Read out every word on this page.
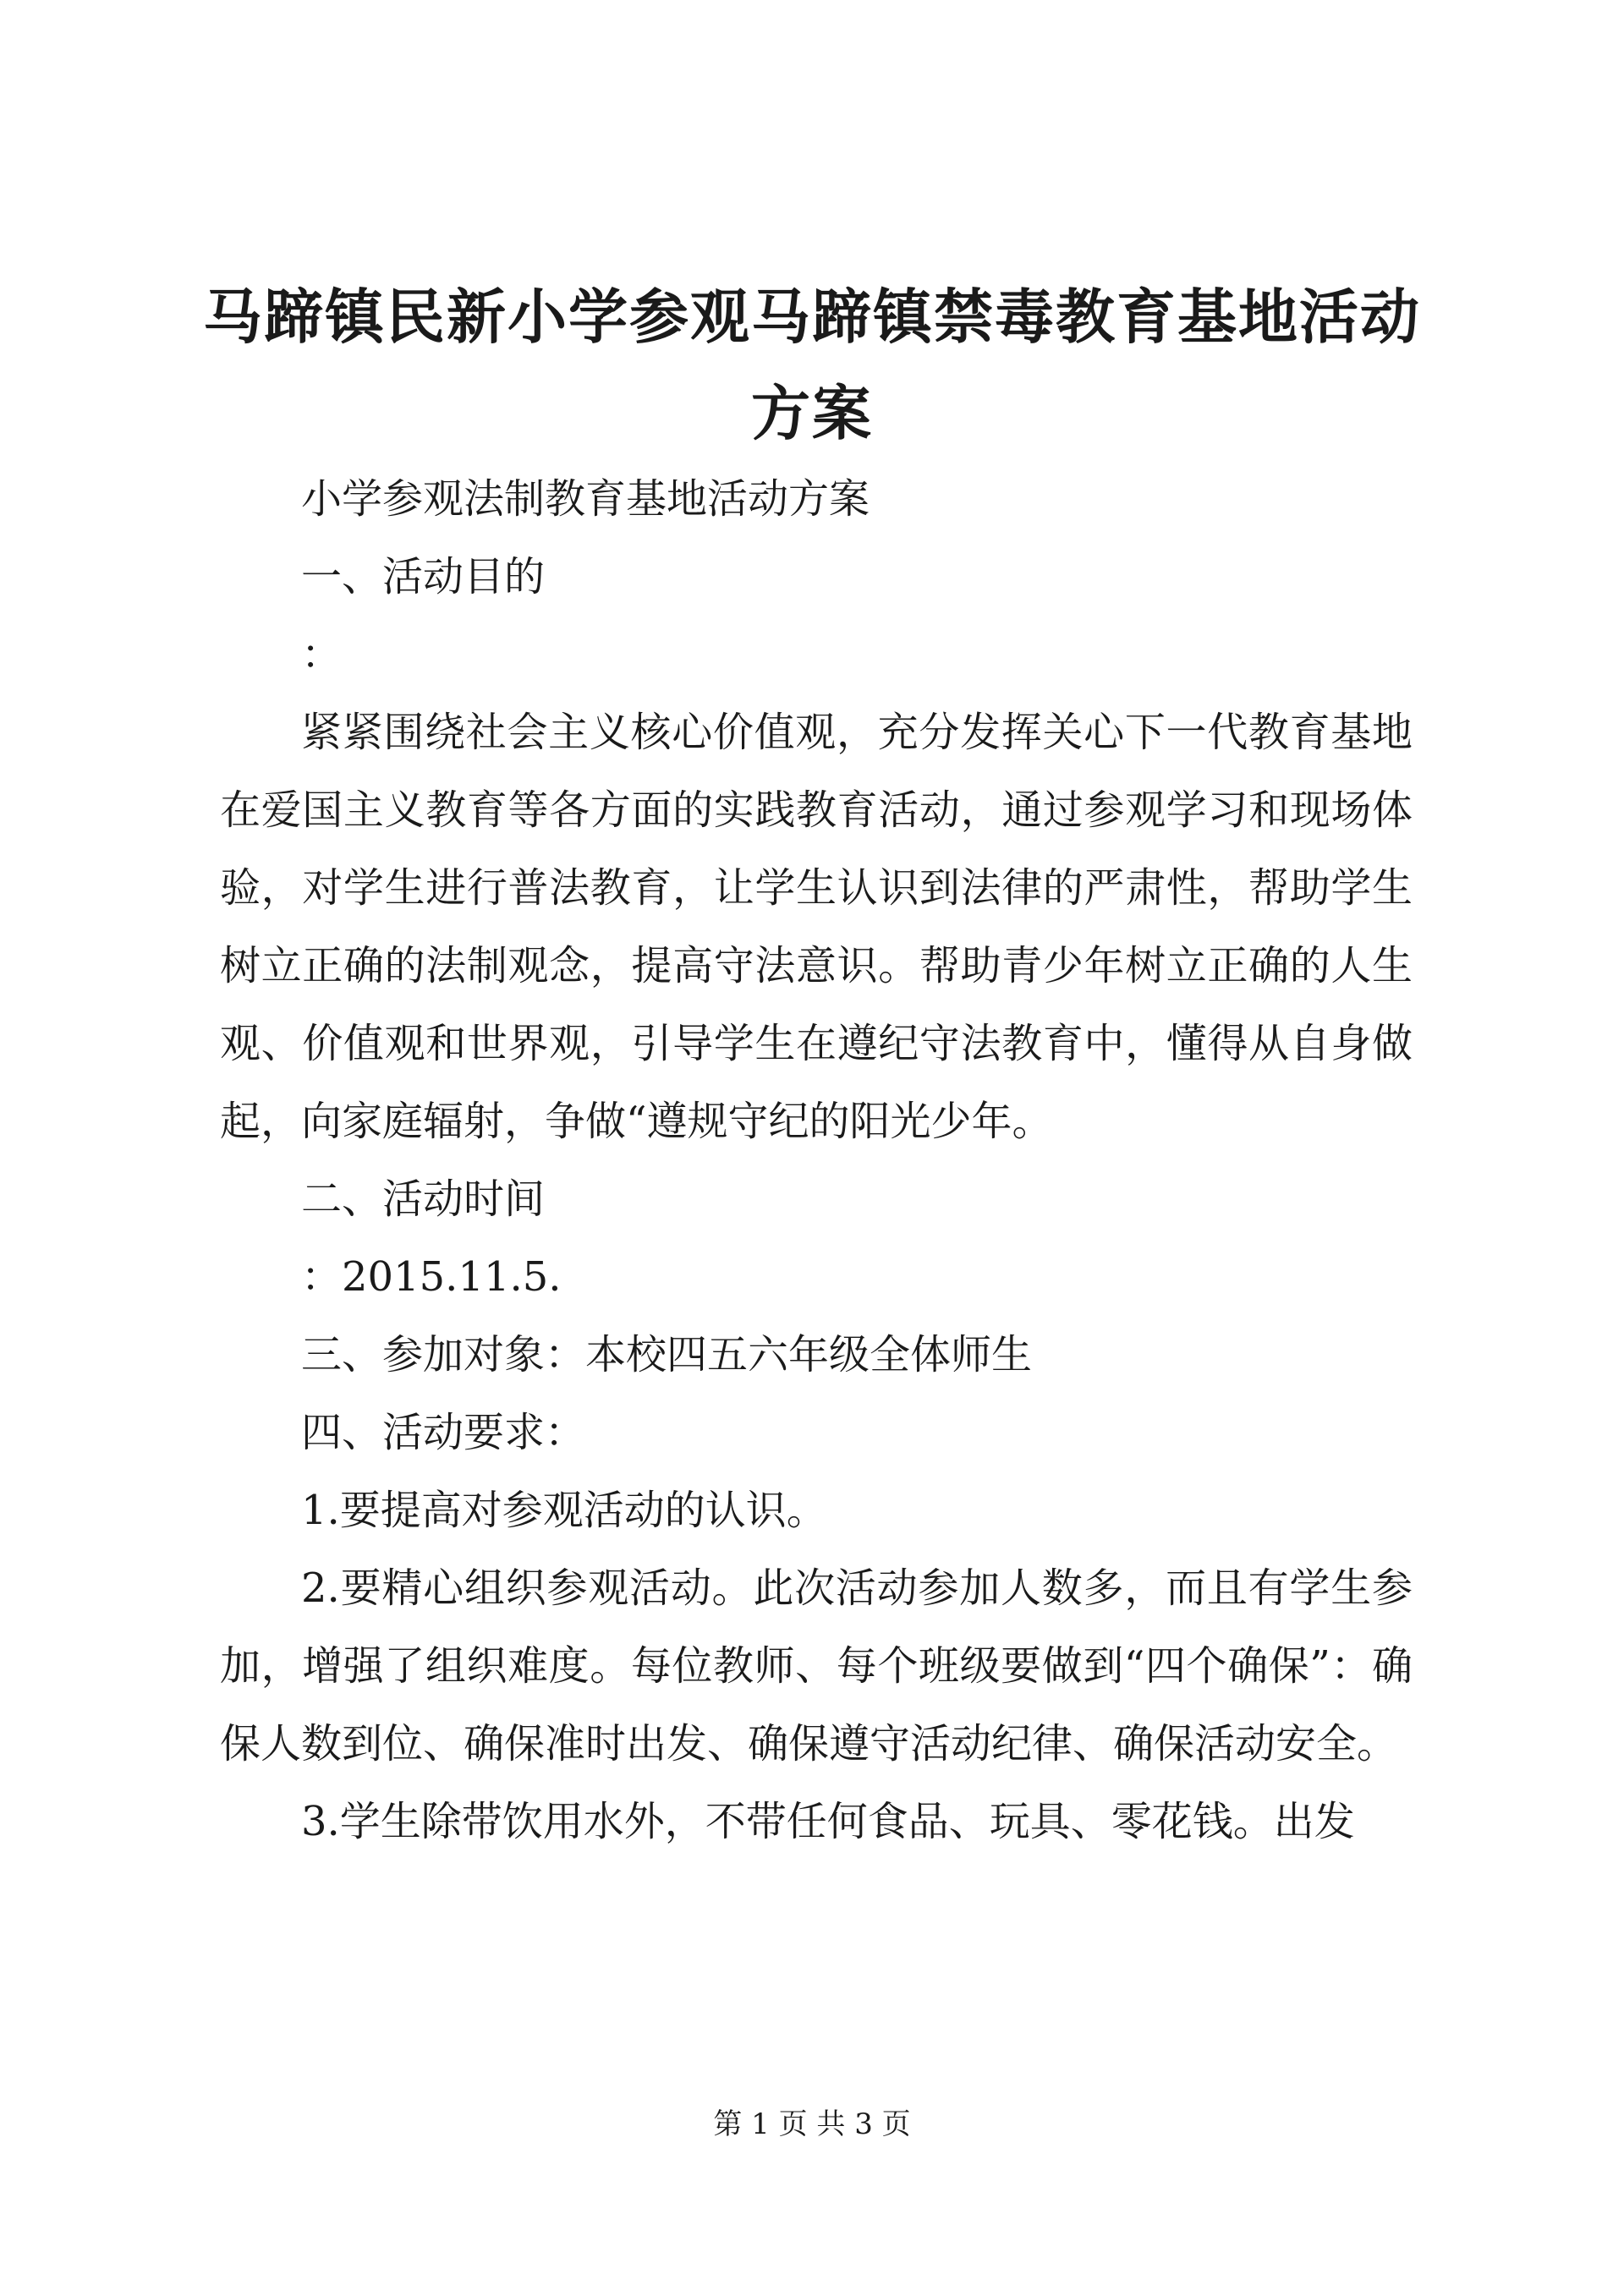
马蹄镇民新小学参观马蹄镇禁毒教育基地活动方案

小学参观法制教育基地活动方案

一、活动目的

：

紧紧围绕社会主义核心价值观，充分发挥关心下一代教育基地在爱国主义教育等各方面的实践教育活动，通过参观学习和现场体验，对学生进行普法教育，让学生认识到法律的严肃性，帮助学生树立正确的法制观念，提高守法意识。帮助青少年树立正确的人生观、价值观和世界观，引导学生在遵纪守法教育中，懂得从自身做起，向家庭辐射，争做“遵规守纪的阳光少年。

二、活动时间

：2015.11.5.

三、参加对象：本校四五六年级全体师生

四、活动要求：

1.要提高对参观活动的认识。

2.要精心组织参观活动。此次活动参加人数多，而且有学生参加，增强了组织难度。每位教师、每个班级要做到“四个确保”：确保人数到位、确保准时出发、确保遵守活动纪律、确保活动安全。

3.学生除带饮用水外，不带任何食品、玩具、零花钱。出发

第 1 页 共 3 页
